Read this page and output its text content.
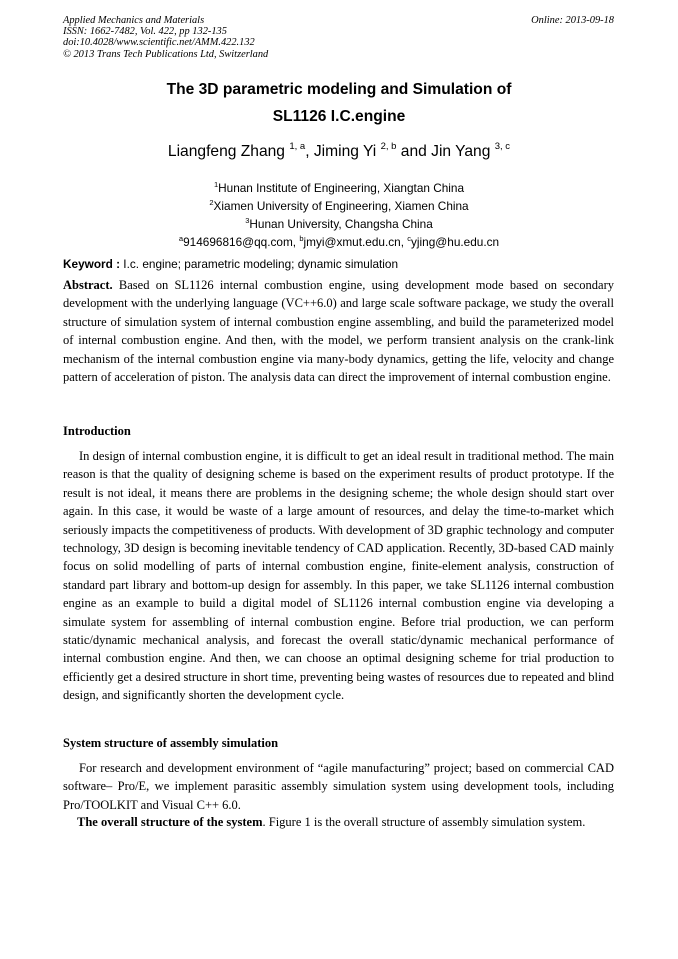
Applied Mechanics and Materials
ISSN: 1662-7482, Vol. 422, pp 132-135
doi:10.4028/www.scientific.net/AMM.422.132
© 2013 Trans Tech Publications Ltd, Switzerland
Online: 2013-09-18
The 3D parametric modeling and Simulation of
SL1126 I.C.engine
Liangfeng Zhang $^{1, a}$, Jiming Yi $^{2, b}$ and Jin Yang $^{3, c}$
$^1$Hunan Institute of Engineering, Xiangtan China
$^2$Xiamen University of Engineering, Xiamen China
$^3$Hunan University, Changsha China
$^a$914696816@qq.com, $^b$jmyi@xmut.edu.cn, $^c$yjing@hu.edu.cn
Keyword : I.c. engine; parametric modeling; dynamic simulation
Abstract. Based on SL1126 internal combustion engine, using development mode based on secondary development with the underlying language (VC++6.0) and large scale software package, we study the overall structure of simulation system of internal combustion engine assembling, and build the parameterized model of internal combustion engine. And then, with the model, we perform transient analysis on the crank-link mechanism of the internal combustion engine via many-body dynamics, getting the life, velocity and change pattern of acceleration of piston. The analysis data can direct the improvement of internal combustion engine.
Introduction
In design of internal combustion engine, it is difficult to get an ideal result in traditional method. The main reason is that the quality of designing scheme is based on the experiment results of product prototype. If the result is not ideal, it means there are problems in the designing scheme; the whole design should start over again. In this case, it would be waste of a large amount of resources, and delay the time-to-market which seriously impacts the competitiveness of products. With development of 3D graphic technology and computer technology, 3D design is becoming inevitable tendency of CAD application. Recently, 3D-based CAD mainly focus on solid modelling of parts of internal combustion engine, finite-element analysis, construction of standard part library and bottom-up design for assembly. In this paper, we take SL1126 internal combustion engine as an example to build a digital model of SL1126 internal combustion engine via developing a simulate system for assembling of internal combustion engine. Before trial production, we can perform static/dynamic mechanical analysis, and forecast the overall static/dynamic mechanical performance of internal combustion engine. And then, we can choose an optimal designing scheme for trial production to efficiently get a desired structure in short time, preventing being wastes of resources due to repeated and blind design, and significantly shorten the development cycle.
System structure of assembly simulation
For research and development environment of “agile manufacturing” project; based on commercial CAD software– Pro/E, we implement parasitic assembly simulation system using development tools, including Pro/TOOLKIT and Visual C++ 6.0.
The overall structure of the system. Figure 1 is the overall structure of assembly simulation system.
